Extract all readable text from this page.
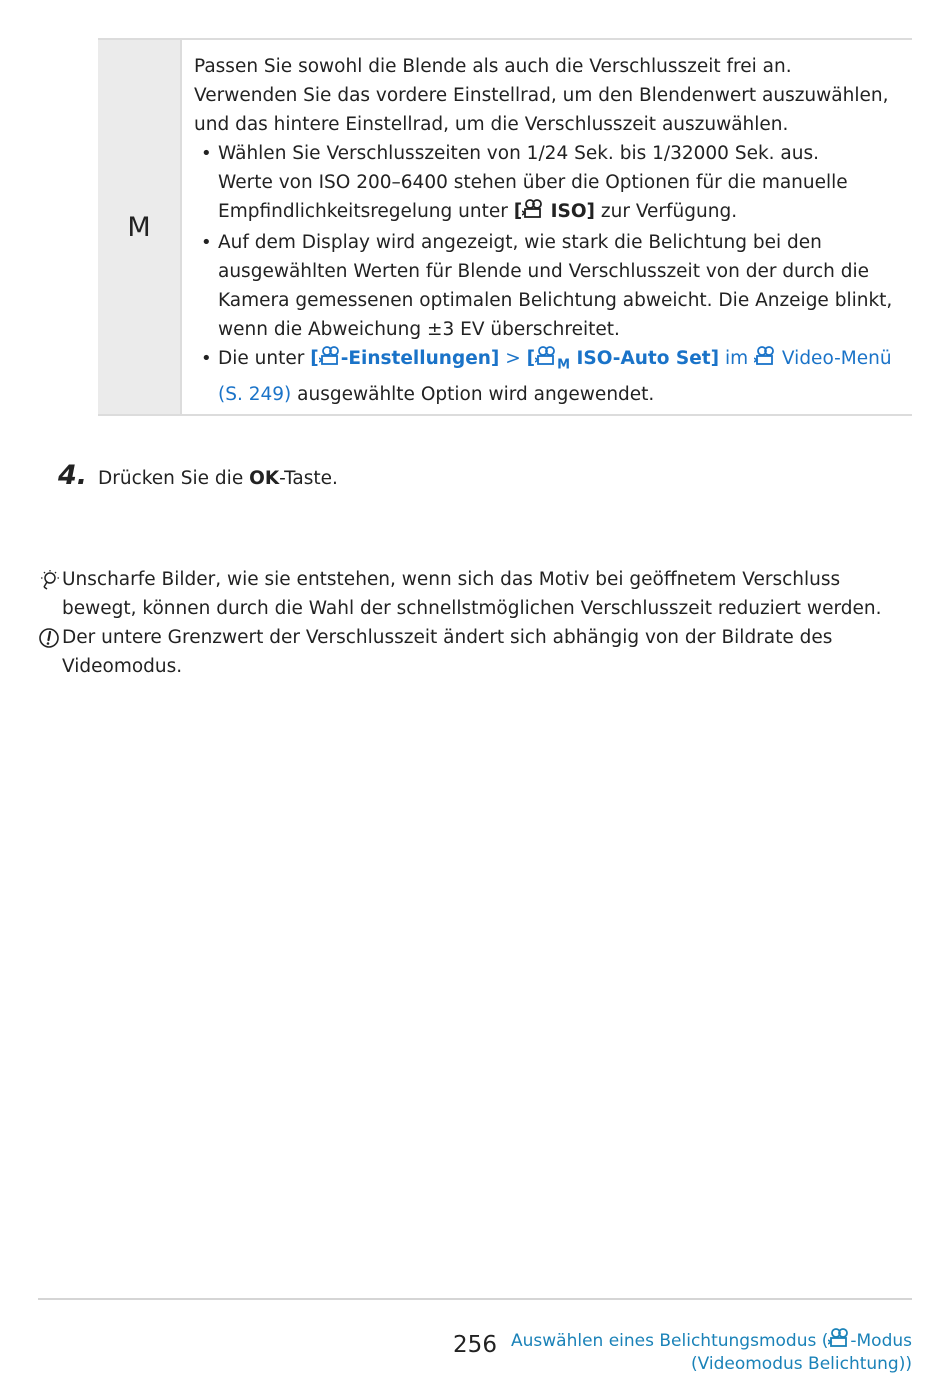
M

Passen Sie sowohl die Blende als auch die Verschlusszeit frei an.

Verwenden Sie das vordere Einstellrad, um den Blendenwert auszuwählen, und das hintere Einstellrad, um die Verschlusszeit auszuwählen.

• Wählen Sie Verschlusszeiten von 1/24 Sek. bis 1/32000 Sek. aus.
Werte von ISO 200–6400 stehen über die Optionen für die manuelle Empfindlichkeitsregelung unter [ ISO] zur Verfügung.
• Auf dem Display wird angezeigt, wie stark die Belichtung bei den ausgewählten Werten für Blende und Verschlusszeit von der durch die Kamera gemessenen optimalen Belichtung abweicht. Die Anzeige blinkt, wenn die Abweichung ±3 EV überschreitet.
• Die unter [ -Einstellungen] > [ $_M$ ISO-Auto Set] im  Video-Menü (S. 249) ausgewählte Option wird angewendet.
4. Drücken Sie die OK-Taste.
Unscharfe Bilder, wie sie entstehen, wenn sich das Motiv bei geöffnetem Verschluss bewegt, können durch die Wahl der schnellstmöglichen Verschlusszeit reduziert werden.
Der untere Grenzwert der Verschlusszeit ändert sich abhängig von der Bildrate des Videomodus.
256 Auswählen eines Belichtungsmodus ( -Modus
(Videomodus Belichtung))
